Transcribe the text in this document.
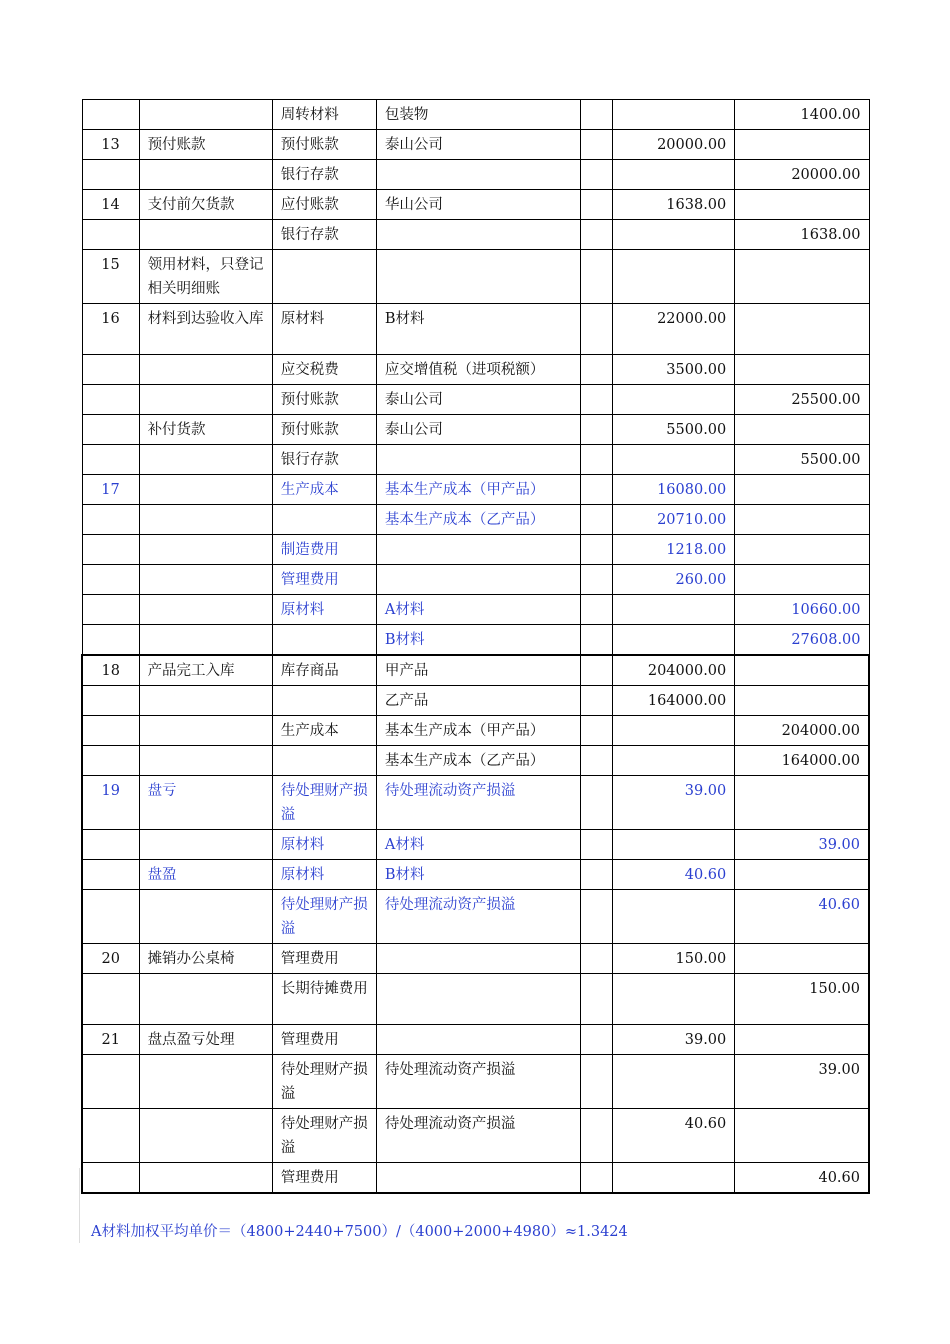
		周转材料	包装物			1400.00
13	预付账款	预付账款	泰山公司		20000.00	
		银行存款				20000.00
14	支付前欠货款	应付账款	华山公司		1638.00	
		银行存款				1638.00
15	领用材料，只登记相关明细账					
16	材料到达验收入库	原材料	B材料		22000.00	
		应交税费	应交增值税（进项税额）		3500.00	
		预付账款	泰山公司			25500.00
	补付货款	预付账款	泰山公司		5500.00	
		银行存款				5500.00
17		生产成本	基本生产成本（甲产品）		16080.00	
			基本生产成本（乙产品）		20710.00	
		制造费用			1218.00	
		管理费用			260.00	
		原材料	A材料			10660.00
			B材料			27608.00
18	产品完工入库	库存商品	甲产品		204000.00	
			乙产品		164000.00	
		生产成本	基本生产成本（甲产品）			204000.00
			基本生产成本（乙产品）			164000.00
19	盘亏	待处理财产损溢	待处理流动资产损溢		39.00	
		原材料	A材料			39.00
	盘盈	原材料	B材料		40.60	
		待处理财产损溢	待处理流动资产损溢			40.60
20	摊销办公桌椅	管理费用			150.00	
		长期待摊费用				150.00
21	盘点盈亏处理	管理费用			39.00	
		待处理财产损溢	待处理流动资产损溢			39.00
		待处理财产损溢	待处理流动资产损溢		40.60	
		管理费用				40.60
A材料加权平均单价＝（4800+2440+7500）/（4000+2000+4980）≈1.3424
